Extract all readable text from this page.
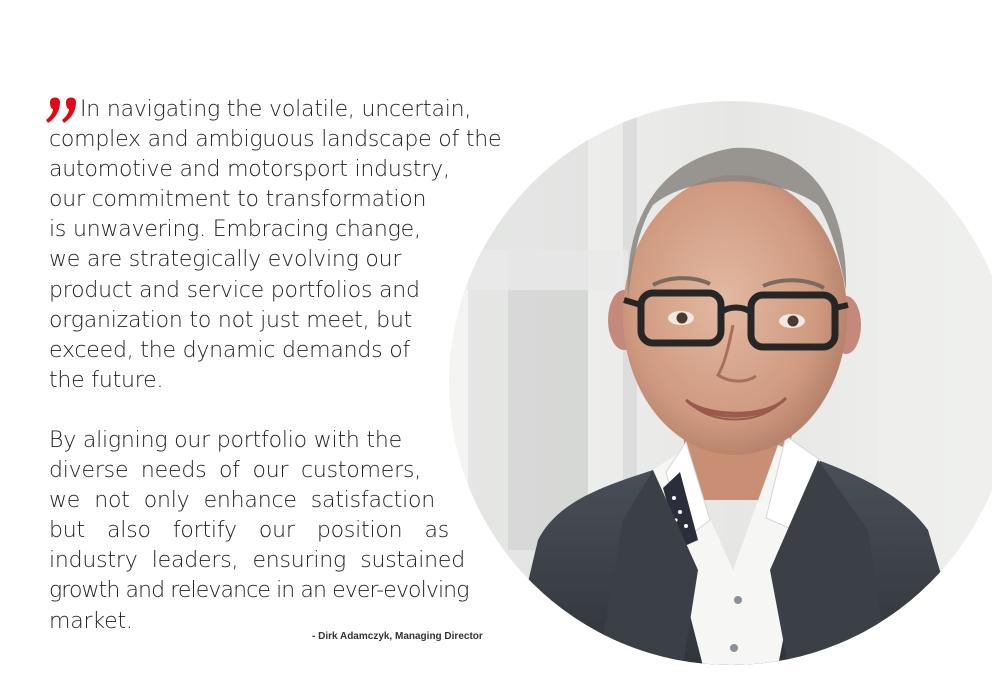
In navigating the volatile, uncertain,
complex and ambiguous landscape of the
automotive and motorsport industry,
our commitment to transformation
is unwavering. Embracing change,
we are strategically evolving our
product and service portfolios and
organization to not just meet, but
exceed, the dynamic demands of
the future.
By aligning our portfolio with the
diverse needs of our customers,
we not only enhance satisfaction
but also fortify our position as
industry leaders, ensuring sustained
growth and relevance in an ever-evolving
market.
- Dirk Adamczyk, Managing Director
